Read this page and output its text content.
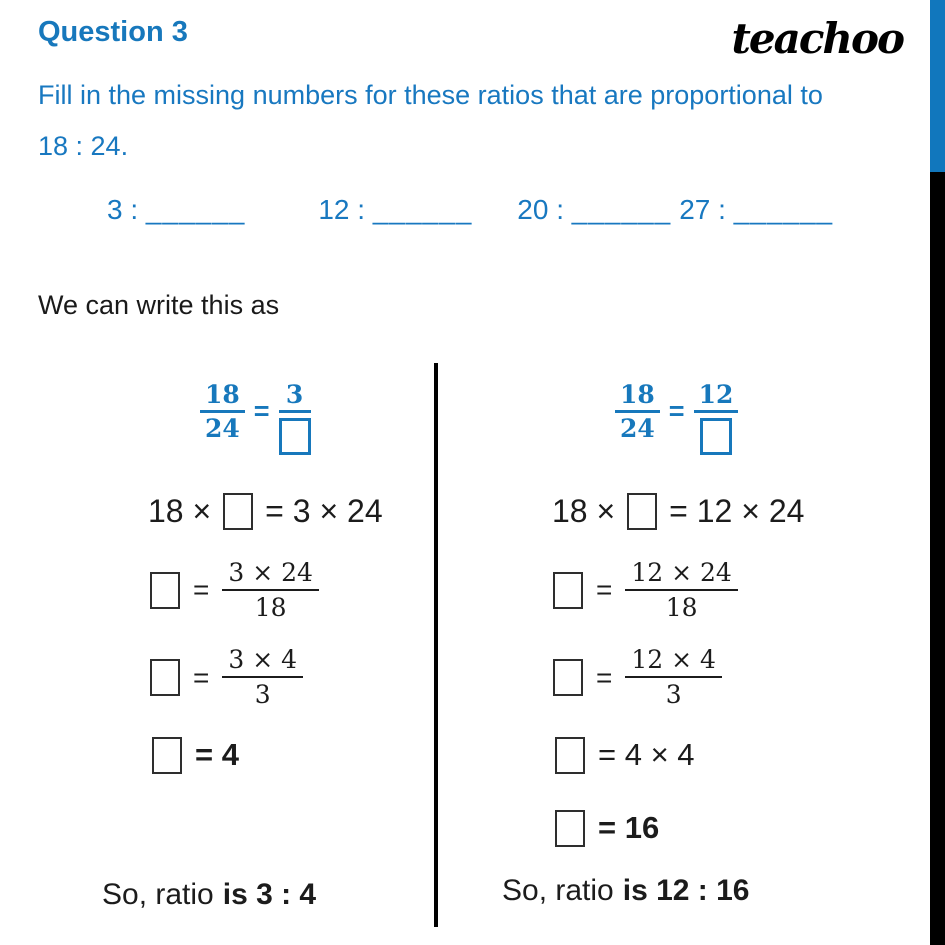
Question 3	teachoo
Fill in the missing numbers for these ratios that are proportional to
18 : 24.
3 : ______	12 : ______ 20 : ______ 27 : ______
We can write this as
$\frac{18}{24}$ =
3
18 × = 3 × 24
= $\frac{3 \times 24}{18}$
= $\frac{3 \times 4}{3}$
= 4
So, ratio is 3 : 4
$\frac{18}{24}$ =
12
18 × = 12 × 24
= $\frac{12 \times 24}{18}$
= $\frac{12 \times 4}{3}$
= 4 × 4
= 16
So, ratio is 12 : 16
